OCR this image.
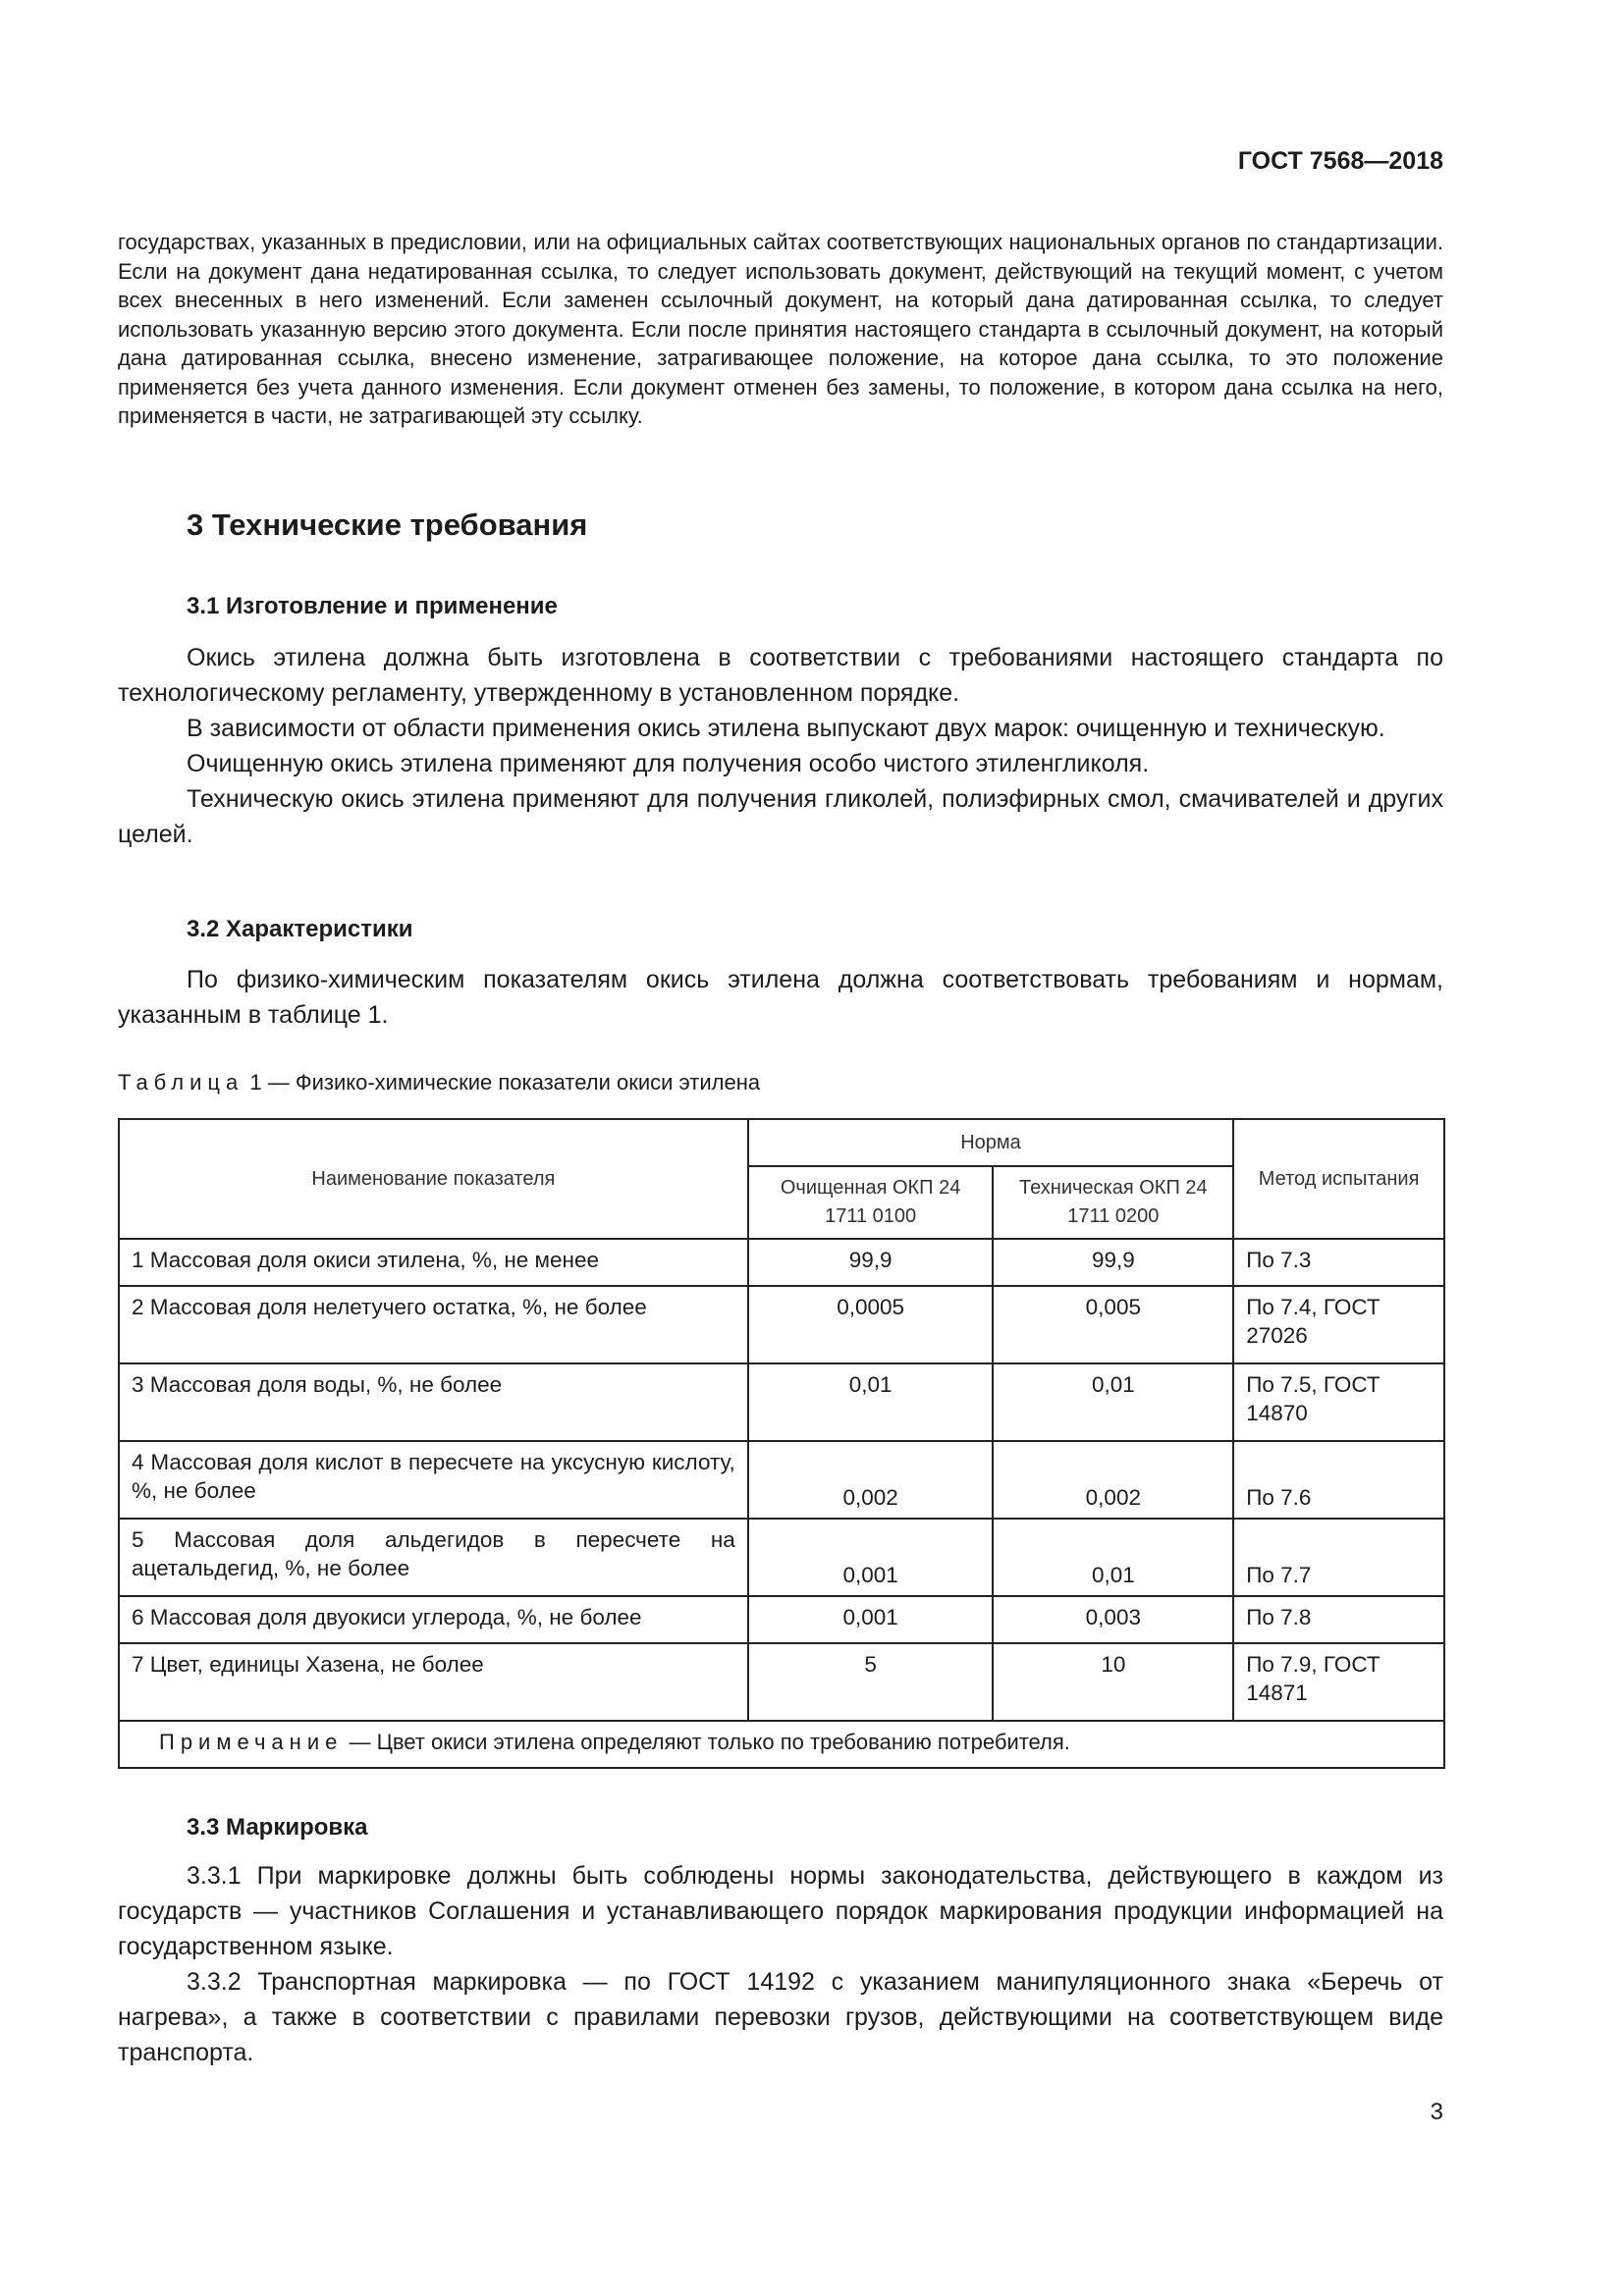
ГОСТ 7568—2018

государствах, указанных в предисловии, или на официальных сайтах соответствующих национальных органов по стандартизации. Если на документ дана недатированная ссылка, то следует использовать документ, действующий на текущий момент, с учетом всех внесенных в него изменений. Если заменен ссылочный документ, на который дана датированная ссылка, то следует использовать указанную версию этого документа. Если после принятия настоящего стандарта в ссылочный документ, на который дана датированная ссылка, внесено изменение, затрагивающее положение, на которое дана ссылка, то это положение применяется без учета данного изменения. Если документ отменен без замены, то положение, в котором дана ссылка на него, применяется в части, не затрагивающей эту ссылку.

3 Технические требования
3.1 Изготовление и применение

Окись этилена должна быть изготовлена в соответствии с требованиями настоящего стандарта по технологическому регламенту, утвержденному в установленном порядке.

В зависимости от области применения окись этилена выпускают двух марок: очищенную и техническую.

Очищенную окись этилена применяют для получения особо чистого этиленгликоля.

Техническую окись этилена применяют для получения гликолей, полиэфирных смол, смачивателей и других целей.

3.2 Характеристики

По физико-химическим показателям окись этилена должна соответствовать требованиям и нормам, указанным в таблице 1.

Таблица 1 — Физико-химические показатели окиси этилена
Наименование показателя	Норма		Метод испытания
	Очищенная ОКП 24 1711 0100	Техническая ОКП 24 1711 0200	
1 Массовая доля окиси этилена, %, не менее	99,9	99,9	По 7.3
2 Массовая доля нелетучего остатка, %, не более	0,0005	0,005	По 7.4, ГОСТ 27026
3 Массовая доля воды, %, не более	0,01	0,01	По 7.5, ГОСТ 14870
4 Массовая доля кислот в пересчете на уксусную кислоту, %, не более	0,002	0,002	По 7.6
5 Массовая доля альдегидов в пересчете на ацетальдегид, %, не более	0,001	0,01	По 7.7
6 Массовая доля двуокиси углерода, %, не более	0,001	0,003	По 7.8
7 Цвет, единицы Хазена, не более	5	10	По 7.9, ГОСТ 14871
Примечание — Цвет окиси этилена определяют только по требованию потребителя.			
3.3 Маркировка

3.3.1 При маркировке должны быть соблюдены нормы законодательства, действующего в каждом из государств — участников Соглашения и устанавливающего порядок маркирования продукции информацией на государственном языке.

3.3.2 Транспортная маркировка — по ГОСТ 14192 с указанием манипуляционного знака «Беречь от нагрева», а также в соответствии с правилами перевозки грузов, действующими на соответствующем виде транспорта.

3
